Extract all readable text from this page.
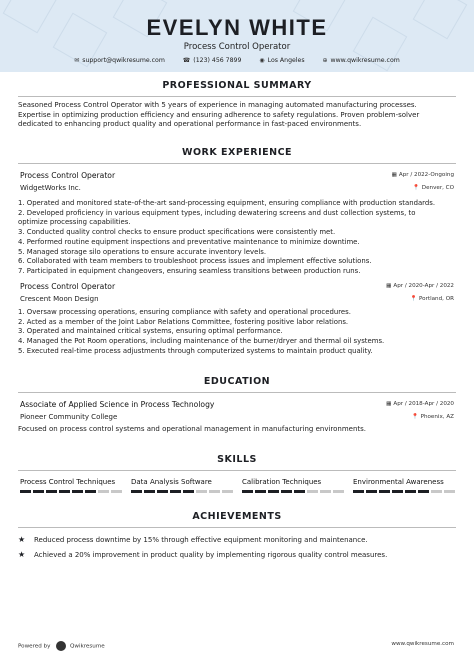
EVELYN WHITE
Process Control Operator
✉ support@qwikresume.com	☎ (123) 456 7899	◉ Los Angeles	⊕ www.qwikresume.com
PROFESSIONAL SUMMARY
Seasoned Process Control Operator with 5 years of experience in managing automated manufacturing processes.
Expertise in optimizing production efficiency and ensuring adherence to safety regulations. Proven problem-solver
dedicated to enhancing product quality and operational performance in fast-paced environments.
WORK EXPERIENCE
Process Control Operator	▦ Apr / 2022-Ongoing
WidgetWorks Inc.	📍 Denver, CO
1. Operated and monitored state-of-the-art sand-processing equipment, ensuring compliance with production standards.
2. Developed proficiency in various equipment types, including dewatering screens and dust collection systems, to
optimize processing capabilities.
3. Conducted quality control checks to ensure product specifications were consistently met.
4. Performed routine equipment inspections and preventative maintenance to minimize downtime.
5. Managed storage silo operations to ensure accurate inventory levels.
6. Collaborated with team members to troubleshoot process issues and implement effective solutions.
7. Participated in equipment changeovers, ensuring seamless transitions between production runs.
Process Control Operator	▦ Apr / 2020-Apr / 2022
Crescent Moon Design	📍 Portland, OR
1. Oversaw processing operations, ensuring compliance with safety and operational procedures.
2. Acted as a member of the Joint Labor Relations Committee, fostering positive labor relations.
3. Operated and maintained critical systems, ensuring optimal performance.
4. Managed the Pot Room operations, including maintenance of the burner/dryer and thermal oil systems.
5. Executed real-time process adjustments through computerized systems to maintain product quality.
EDUCATION
Associate of Applied Science in Process Technology	▦ Apr / 2018-Apr / 2020
Pioneer Community College	📍 Phoenix, AZ
Focused on process control systems and operational management in manufacturing environments.
SKILLS
Process Control Techniques Data Analysis Software	Calibration Techniques	Environmental Awareness
ACHIEVEMENTS
★ Reduced process downtime by 15% through effective equipment monitoring and maintenance.
★ Achieved a 20% improvement in product quality by implementing rigorous quality control measures.
Powered by	Qwikresume	www.qwikresume.com
